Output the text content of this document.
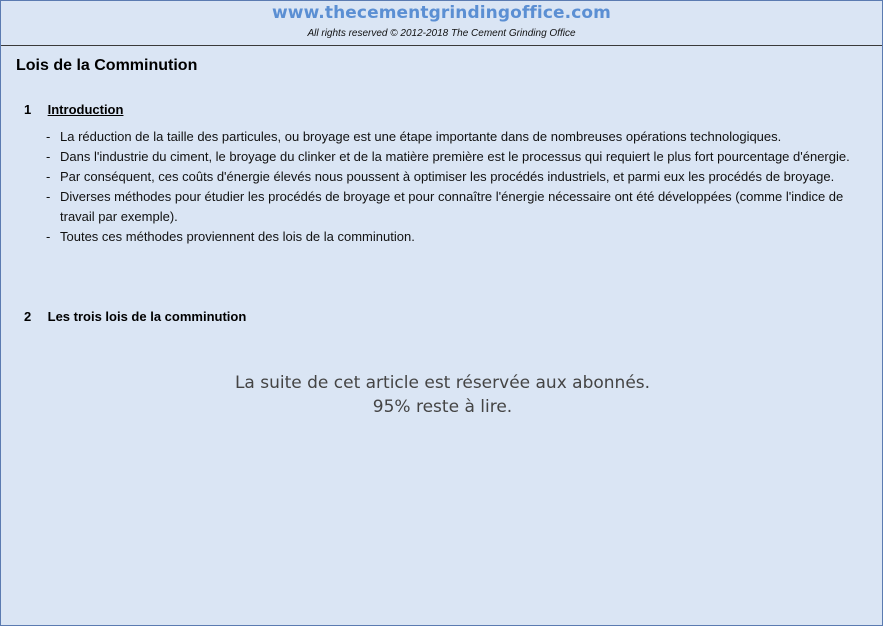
www.thecementgrindingoffice.com
All rights reserved © 2012-2018 The Cement Grinding Office
Lois de la Comminution
1 Introduction
- La réduction de la taille des particules, ou broyage est une étape importante dans de nombreuses opérations technologiques.
- Dans l'industrie du ciment, le broyage du clinker et de la matière première est le processus qui requiert le plus fort pourcentage d'énergie.
- Par conséquent, ces coûts d'énergie élevés nous poussent à optimiser les procédés industriels, et parmi eux les procédés de broyage.
- Diverses méthodes pour étudier les procédés de broyage et pour connaître l'énergie nécessaire ont été développées (comme l'indice de travail par exemple).
- Toutes ces méthodes proviennent des lois de la comminution.
2 Les trois lois de la comminution
La suite de cet article est réservée aux abonnés.
95% reste à lire.
